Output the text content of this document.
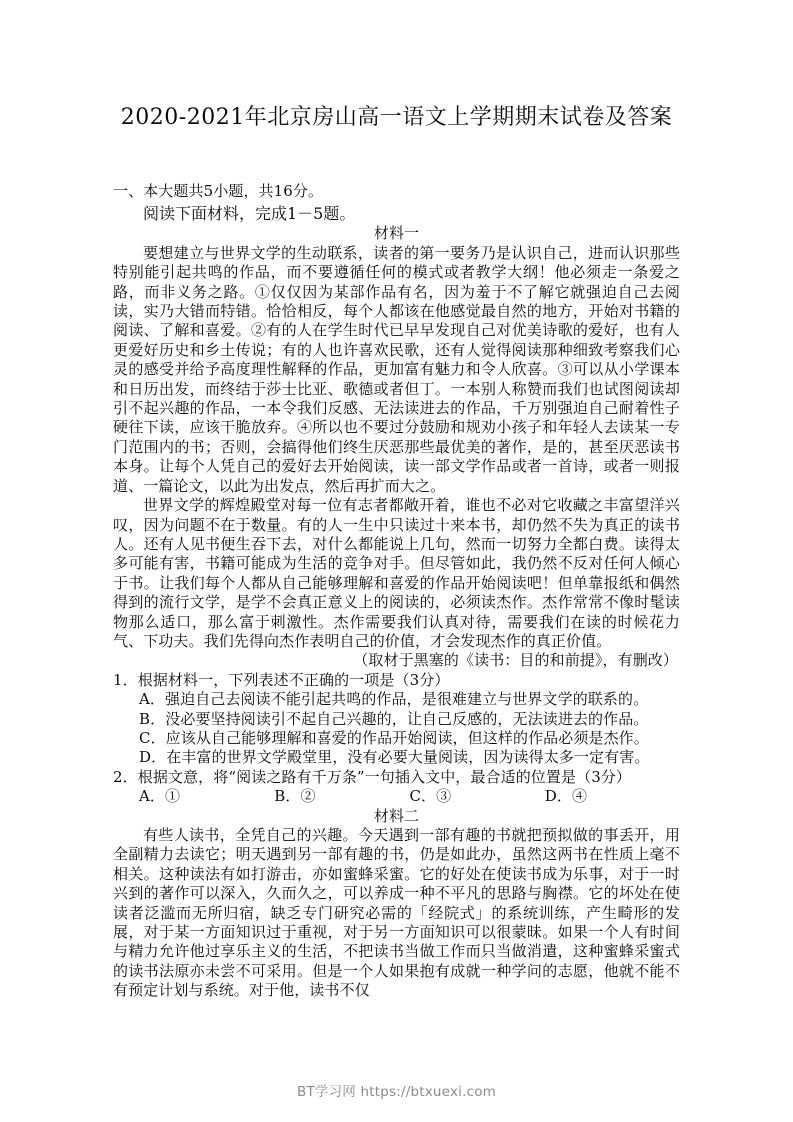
2020-2021年北京房山高一语文上学期期末试卷及答案

一、本大题共5小题，共16分。

阅读下面材料，完成1－5题。

材料一

要想建立与世界文学的生动联系，读者的第一要务乃是认识自己，进而认识那些特别能引起共鸣的作品，而不要遵循任何的模式或者教学大纲！他必须走一条爱之路，而非义务之路。①仅仅因为某部作品有名，因为羞于不了解它就强迫自己去阅读，实乃大错而特错。恰恰相反，每个人都该在他感觉最自然的地方，开始对书籍的阅读、了解和喜爱。②有的人在学生时代已早早发现自己对优美诗歌的爱好，也有人更爱好历史和乡土传说；有的人也许喜欢民歌，还有人觉得阅读那种细致考察我们心灵的感受并给予高度理性解释的作品，更加富有魅力和令人欣喜。③可以从小学课本和日历出发，而终结于莎士比亚、歌德或者但丁。一本别人称赞而我们也试图阅读却引不起兴趣的作品，一本令我们反感、无法读进去的作品，千万别强迫自己耐着性子硬往下读，应该干脆放弃。④所以也不要过分鼓励和规劝小孩子和年轻人去读某一专门范围内的书；否则，会搞得他们终生厌恶那些最优美的著作，是的，甚至厌恶读书本身。让每个人凭自己的爱好去开始阅读，读一部文学作品或者一首诗，或者一则报道、一篇论文，以此为出发点，然后再扩而大之。

世界文学的辉煌殿堂对每一位有志者都敞开着，谁也不必对它收藏之丰富望洋兴叹，因为问题不在于数量。有的人一生中只读过十来本书，却仍然不失为真正的读书人。还有人见书便生吞下去，对什么都能说上几句，然而一切努力全都白费。读得太多可能有害，书籍可能成为生活的竞争对手。但尽管如此，我仍然不反对任何人倾心于书。让我们每个人都从自己能够理解和喜爱的作品开始阅读吧！但单靠报纸和偶然得到的流行文学，是学不会真正意义上的阅读的，必须读杰作。杰作常常不像时髦读物那么适口，那么富于刺激性。杰作需要我们认真对待，需要我们在读的时候花力气、下功夫。我们先得向杰作表明自己的价值，才会发现杰作的真正价值。

（取材于黑塞的《读书：目的和前提》，有删改）

1．根据材料一，下列表述不正确的一项是（3分）

A．强迫自己去阅读不能引起共鸣的作品，是很难建立与世界文学的联系的。

B．没必要坚持阅读引不起自己兴趣的，让自己反感的，无法读进去的作品。

C．应该从自己能够理解和喜爱的作品开始阅读，但这样的作品必须是杰作。

D．在丰富的世界文学殿堂里，没有必要大量阅读，因为读得太多一定有害。

2．根据文意，将“阅读之路有千万条”一句插入文中，最合适的位置是（3分）

A．①	B．②	C．③	D．④

材料二

有些人读书，全凭自己的兴趣。今天遇到一部有趣的书就把预拟做的事丢开，用全副精力去读它；明天遇到另一部有趣的书，仍是如此办，虽然这两书在性质上毫不相关。这种读法有如打游击，亦如蜜蜂采蜜。它的好处在使读书成为乐事，对于一时兴到的著作可以深入，久而久之，可以养成一种不平凡的思路与胸襟。它的坏处在使读者泛滥而无所归宿，缺乏专门研究必需的「经院式」的系统训练，产生畸形的发展，对于某一方面知识过于重视，对于另一方面知识可以很蒙昧。如果一个人有时间与精力允许他过享乐主义的生活，不把读书当做工作而只当做消遣，这种蜜蜂采蜜式的读书法原亦未尝不可采用。但是一个人如果抱有成就一种学问的志愿，他就不能不有预定计划与系统。对于他，读书不仅

BT学习网 https://btxuexi.com
